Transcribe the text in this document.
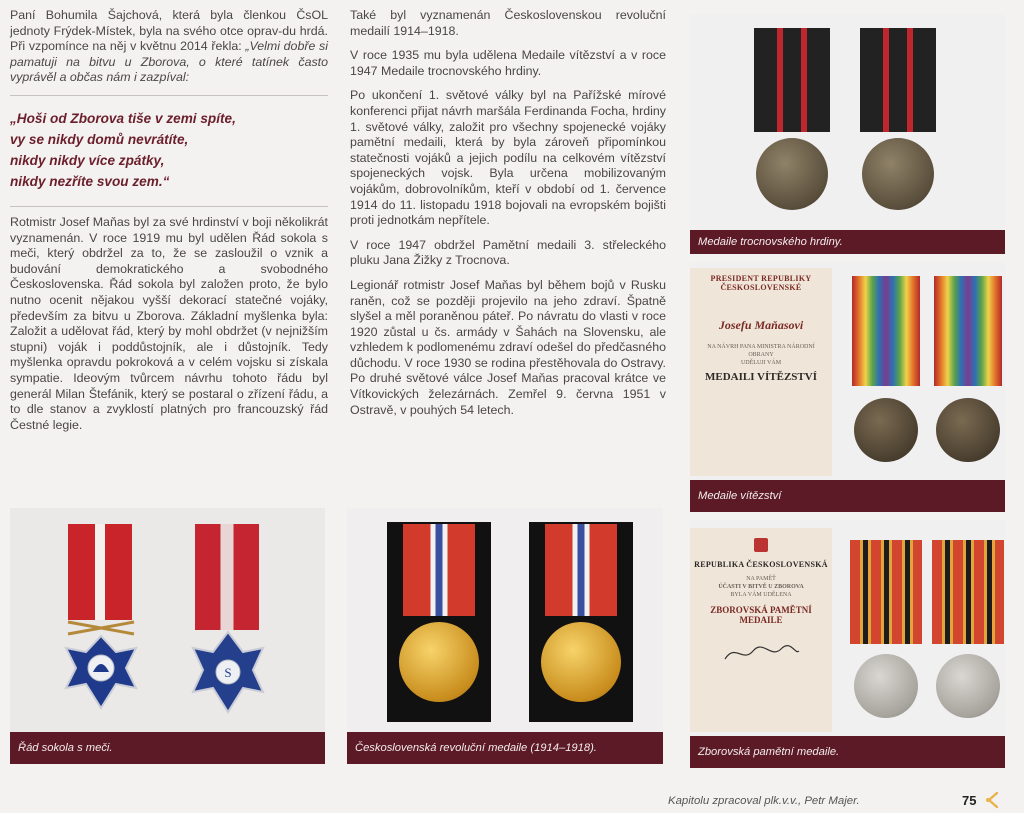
Paní Bohumila Šajchová, která byla členkou ČsOL jednoty Frýdek-Místek, byla na svého otce oprav-du hrdá. Při vzpomínce na něj v květnu 2014 řekla: „Velmi dobře si pamatuji na bitvu u Zborova, o které tatínek často vyprávěl a občas nám i zazpíval:

„Hoši od Zborova tiše v zemi spíte,
vy se nikdy domů nevrátíte,
nikdy nikdy více zpátky,
nikdy nezříte svou zem.“

Rotmistr Josef Maňas byl za své hrdinství v boji několikrát vyznamenán. V roce 1919 mu byl udělen Řád sokola s meči, který obdržel za to, že se zasloužil o vznik a budování demokratického a svobodného Československa. Řád sokola byl založen proto, že bylo nutno ocenit nějakou vyšší dekorací statečné vojáky, především za bitvu u Zborova. Základní myšlenka byla: Založit a udělovat řád, který by mohl obdržet (v nejnižším stupni) voják i poddůstojník, ale i důstojník. Tedy myšlenka opravdu pokroková a v celém vojsku si získala sympatie. Ideovým tvůrcem návrhu tohoto řádu byl generál Milan Štefánik, který se postaral o zřízení řádu, a to dle stanov a zvyklostí platných pro francouzský řád Čestné legie.

Také byl vyznamenán Československou revoluční medailí 1914–1918.

V roce 1935 mu byla udělena Medaile vítězství a v roce 1947 Medaile trocnovského hrdiny.

Po ukončení 1. světové války byl na Pařížské mírové konferenci přijat návrh maršála Ferdinanda Focha, hrdiny 1. světové války, založit pro všechny spojenecké vojáky pamětní medaili, která by byla zároveň připomínkou statečnosti vojáků a jejich podílu na celkovém vítězství spojeneckých vojsk. Byla určena mobilizovaným vojákům, dobrovolníkům, kteří v období od 1. července 1914 do 11. listopadu 1918 bojovali na evropském bojišti proti jednotkám nepřítele.

V roce 1947 obdržel Pamětní medaili 3. střeleckého pluku Jana Žižky z Trocnova.

Legionář rotmistr Josef Maňas byl během bojů v Rusku raněn, což se později projevilo na jeho zdraví. Špatně slyšel a měl poraněnou páteř. Po návratu do vlasti v roce 1920 zůstal u čs. armády v Šahách na Slovensku, ale vzhledem k podlomenému zdraví odešel do předčasného důchodu. V roce 1930 se rodina přestěhovala do Ostravy. Po druhé světové válce Josef Maňas pracoval krátce ve Vítkovických železárnách. Zemřel 9. června 1951 v Ostravě, v pouhých 54 letech.

S
Řád sokola s meči.	Československá revoluční medaile (1914–1918).
Medaile trocnovského hrdiny.
PRESIDENT REPUBLIKY ČESKOSLOVENSKÉ
Josefu Maňasovi
NA NÁVRH PANA MINISTRA NÁRODNÍ OBRANY
UDĚLUJI VÁM
MEDAILI VÍTĚZSTVÍ
Medaile vítězství
REPUBLIKA ČESKOSLOVENSKÁ
NA PAMĚŤ
ÚČASTI V BITVĚ U ZBOROVA
BYLA VÁM UDĚLENA
ZBOROVSKÁ PAMĚTNÍ MEDAILE
Zborovská pamětní medaile.
Kapitolu zpracoval plk.v.v., Petr Majer.	75
